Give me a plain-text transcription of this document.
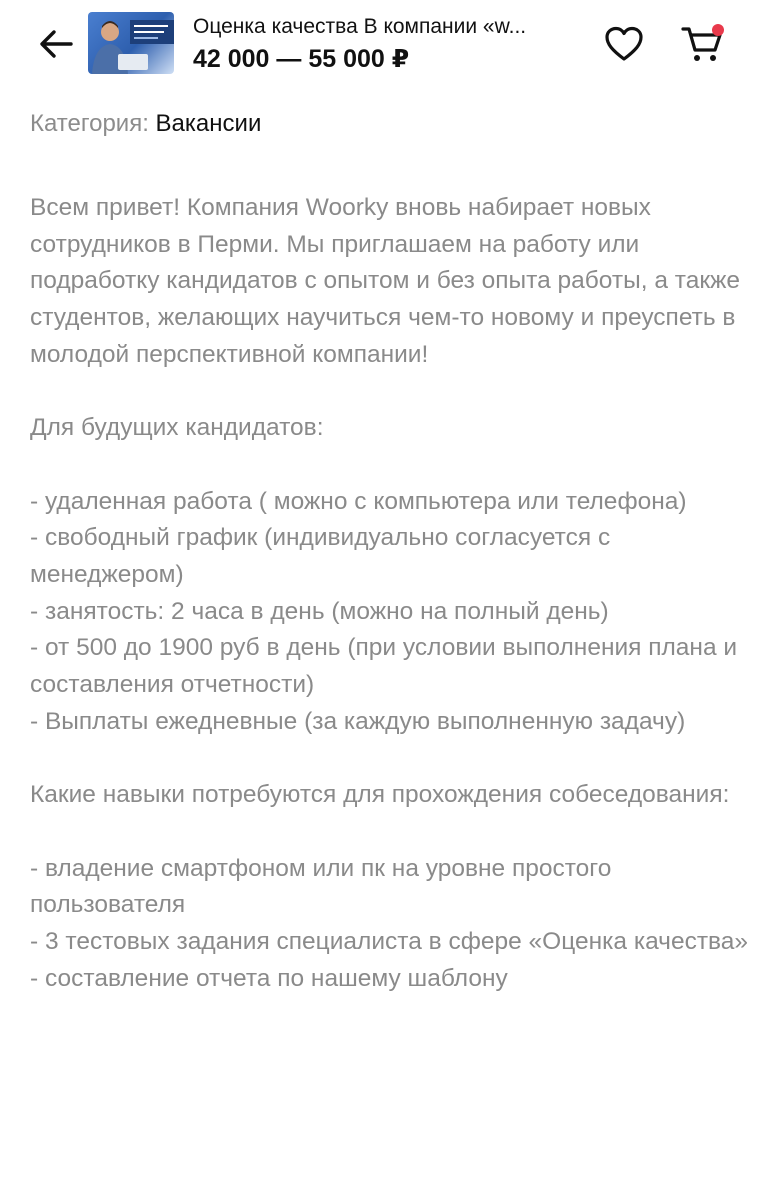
Оценка качества В компании «w...
42 000 — 55 000 ₽
Категория: Вакансии

Всем привет! Компания Woorky вновь набирает новых сотрудников в Перми. Мы приглашаем на работу или подработку кандидатов с опытом и без опыта работы, а также студентов, желающих научиться чем-то новому и преуспеть в молодой перспективной компании!

Для будущих кандидатов:

- удаленная работа ( можно с компьютера или телефона)

- свободный график (индивидуально согласуется с менеджером)

- занятость: 2 часа в день (можно на полный день)

- от 500 до 1900 руб в день (при условии выполнения плана и составления отчетности)

- Выплаты ежедневные (за каждую выполненную задачу)

Какие навыки потребуются для прохождения собеседования:

- владение смартфоном или пк на уровне простого пользователя

- 3 тестовых задания специалиста в сфере «Оценка качества»

- составление отчета по нашему шаблону
